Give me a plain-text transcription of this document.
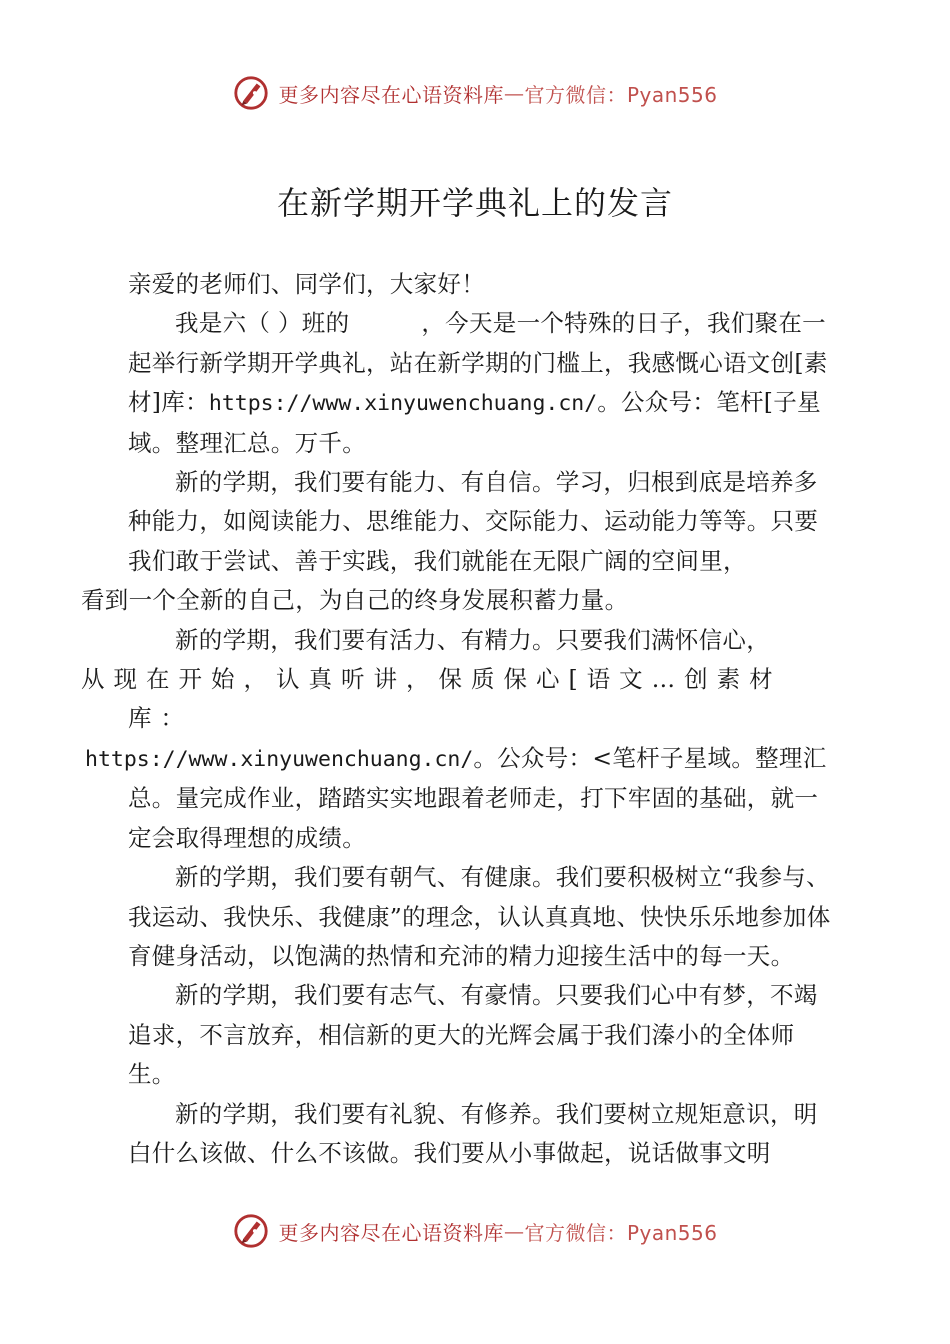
更多内容尽在心语资料库 — 官方微信：Pyan556
在新学期开学典礼上的发言

亲爱的老师们、同学们，大家好！

我是六（ ）班的	，今天是一个特殊的日子，我们聚在一起举行新学期开学典礼，站在新学期的门槛上，我感慨心语文创[素材]库：https://www.xinyuwenchuang.cn/。公众号：笔杆[子星域。整理汇总。万千。

新的学期，我们要有能力、有自信。学习，归根到底是培养多种能力，如阅读能力、思维能力、交际能力、运动能力等等。只要我们敢于尝试、善于实践，我们就能在无限广阔的空间里，
看到一个全新的自己，为自己的终身发展积蓄力量。

新的学期，我们要有活力、有精力。只要我们满怀信心，
从现在开始，认真听讲，保质保心[语文…创素材库：
https://www.xinyuwenchuang.cn/。公众号：<笔杆子星域。整理汇总。量完成作业，踏踏实实地跟着老师走，打下牢固的基础，就一定会取得理想的成绩。

新的学期，我们要有朝气、有健康。我们要积极树立“我参与、我运动、我快乐、我健康”的理念，认认真真地、快快乐乐地参加体育健身活动，以饱满的热情和充沛的精力迎接生活中的每一天。

新的学期，我们要有志气、有豪情。只要我们心中有梦，不竭追求，不言放弃，相信新的更大的光辉会属于我们溱小的全体师生。

新的学期，我们要有礼貌、有修养。我们要树立规矩意识，明白什么该做、什么不该做。我们要从小事做起，说话做事文明

更多内容尽在心语资料库 — 官方微信：Pyan556
